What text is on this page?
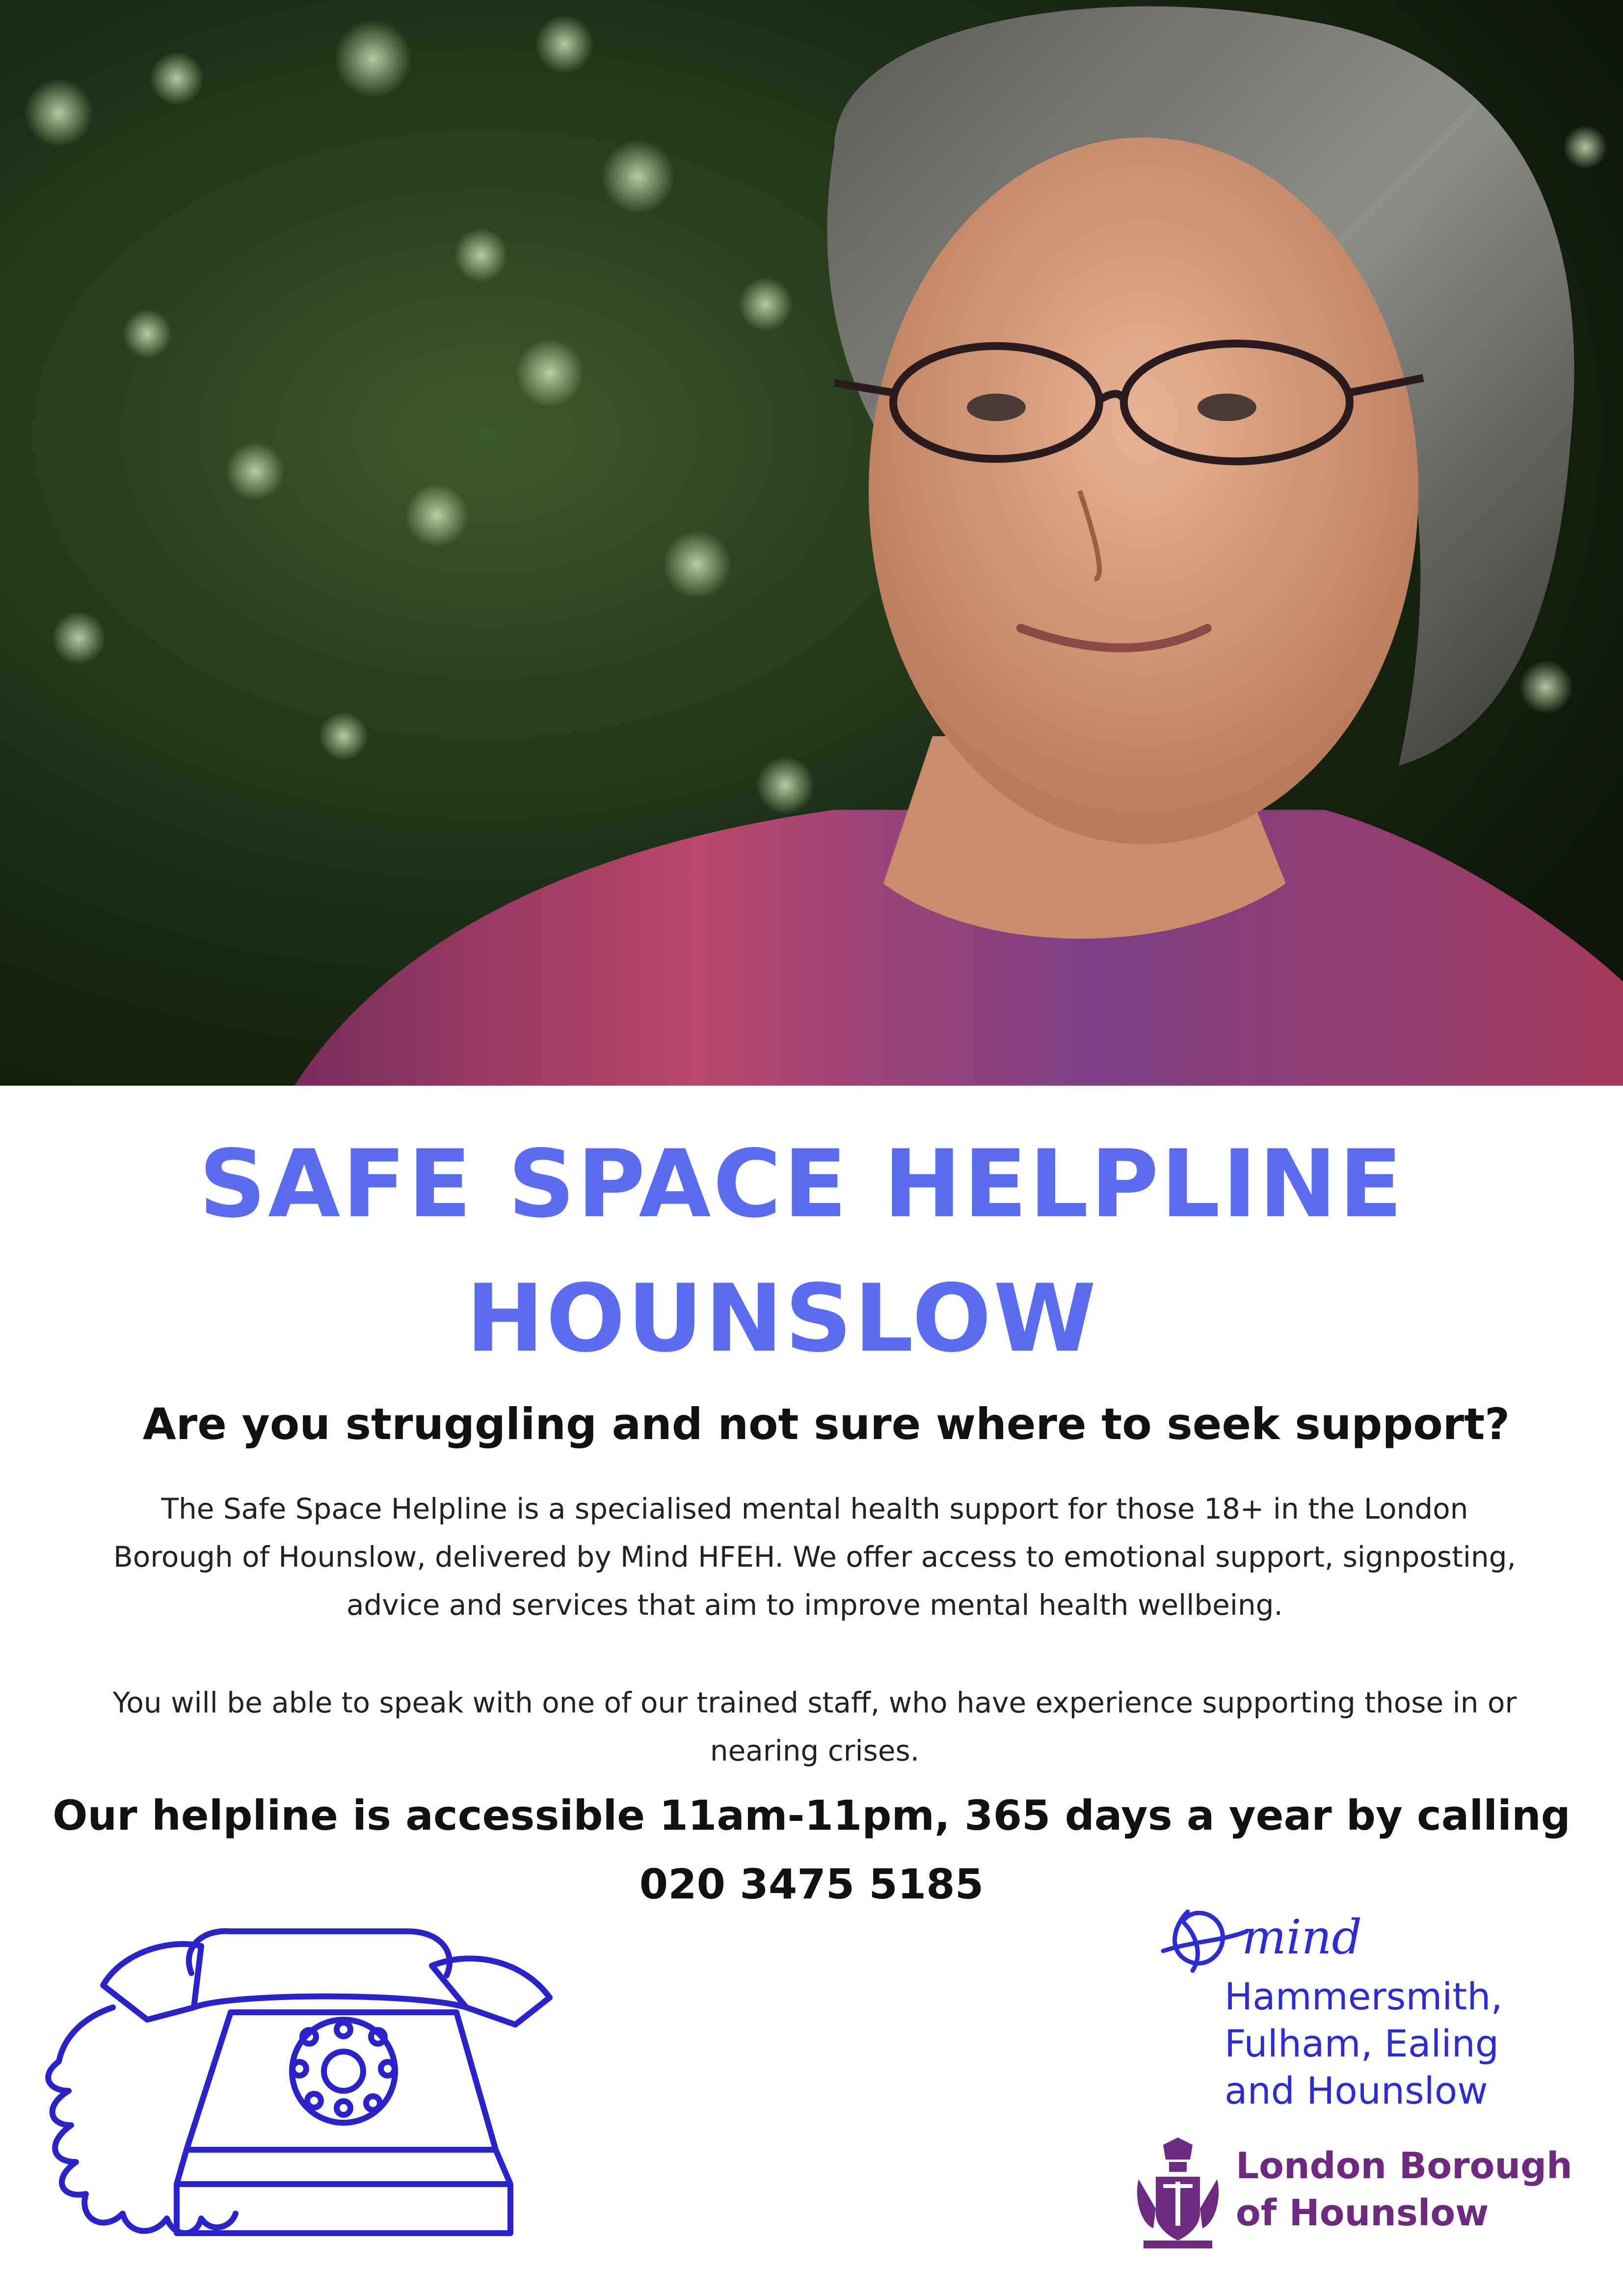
SAFE SPACE HELPLINE
HOUNSLOW
Are you struggling and not sure where to seek support?

The Safe Space Helpline is a specialised mental health support for those 18+ in the London Borough of Hounslow, delivered by Mind HFEH. We offer access to emotional support, signposting, advice and services that aim to improve mental health wellbeing.

You will be able to speak with one of our trained staff, who have experience supporting those in or nearing crises.

Our helpline is accessible 11am-11pm, 365 days a year by calling

020 3475 5185

mind
Hammersmith,
Fulham, Ealing
and Hounslow
London Borough
of Hounslow
